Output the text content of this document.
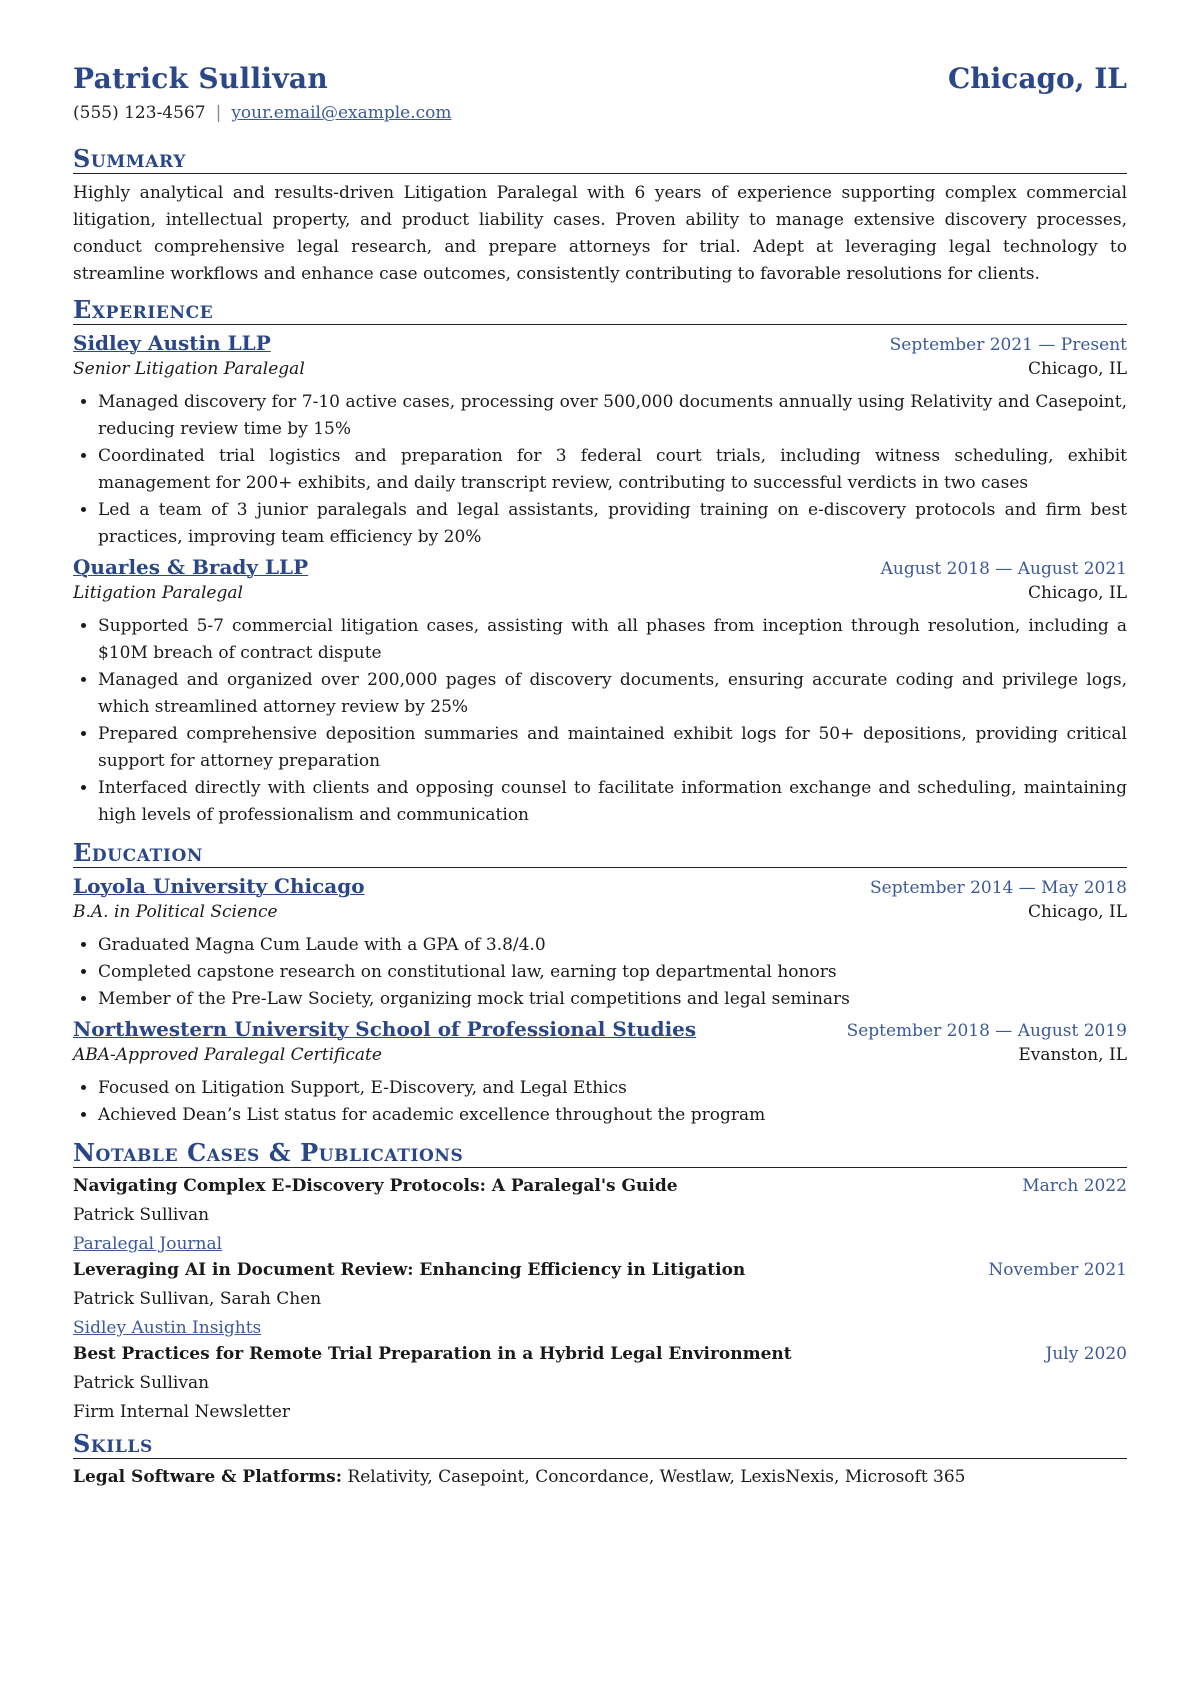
Patrick Sullivan	Chicago, IL
(555) 123-4567 | your.email@example.com
Summary
Highly analytical and results-driven Litigation Paralegal with 6 years of experience supporting complex commercial litigation, intellectual property, and product liability cases. Proven ability to manage extensive discovery processes, conduct comprehensive legal research, and prepare attorneys for trial. Adept at leveraging legal technology to streamline workflows and enhance case outcomes, consistently contributing to favorable resolutions for clients.
Experience
Sidley Austin LLP	September 2021 — Present
Senior Litigation Paralegal	Chicago, IL
• Managed discovery for 7-10 active cases, processing over 500,000 documents annually using Relativity and Casepoint, reducing review time by 15%
• Coordinated trial logistics and preparation for 3 federal court trials, including witness scheduling, exhibit management for 200+ exhibits, and daily transcript review, contributing to successful verdicts in two cases
• Led a team of 3 junior paralegals and legal assistants, providing training on e-discovery protocols and firm best practices, improving team efficiency by 20%
Quarles & Brady LLP	August 2018 — August 2021
Litigation Paralegal	Chicago, IL
• Supported 5-7 commercial litigation cases, assisting with all phases from inception through resolution, including a $10M breach of contract dispute
• Managed and organized over 200,000 pages of discovery documents, ensuring accurate coding and privilege logs, which streamlined attorney review by 25%
• Prepared comprehensive deposition summaries and maintained exhibit logs for 50+ depositions, providing critical support for attorney preparation
• Interfaced directly with clients and opposing counsel to facilitate information exchange and scheduling, maintaining high levels of professionalism and communication
Education
Loyola University Chicago	September 2014 — May 2018
B.A. in Political Science	Chicago, IL
• Graduated Magna Cum Laude with a GPA of 3.8/4.0
• Completed capstone research on constitutional law, earning top departmental honors
• Member of the Pre-Law Society, organizing mock trial competitions and legal seminars
Northwestern University School of Professional Studies	September 2018 — August 2019
ABA-Approved Paralegal Certificate	Evanston, IL
• Focused on Litigation Support, E-Discovery, and Legal Ethics
• Achieved Dean’s List status for academic excellence throughout the program
Notable Cases & Publications
Navigating Complex E-Discovery Protocols: A Paralegal's Guide	March 2022
Patrick Sullivan
Paralegal Journal
Leveraging AI in Document Review: Enhancing Efficiency in Litigation	November 2021
Patrick Sullivan, Sarah Chen
Sidley Austin Insights
Best Practices for Remote Trial Preparation in a Hybrid Legal Environment	July 2020
Patrick Sullivan
Firm Internal Newsletter
Skills
Legal Software & Platforms: Relativity, Casepoint, Concordance, Westlaw, LexisNexis, Microsoft 365
